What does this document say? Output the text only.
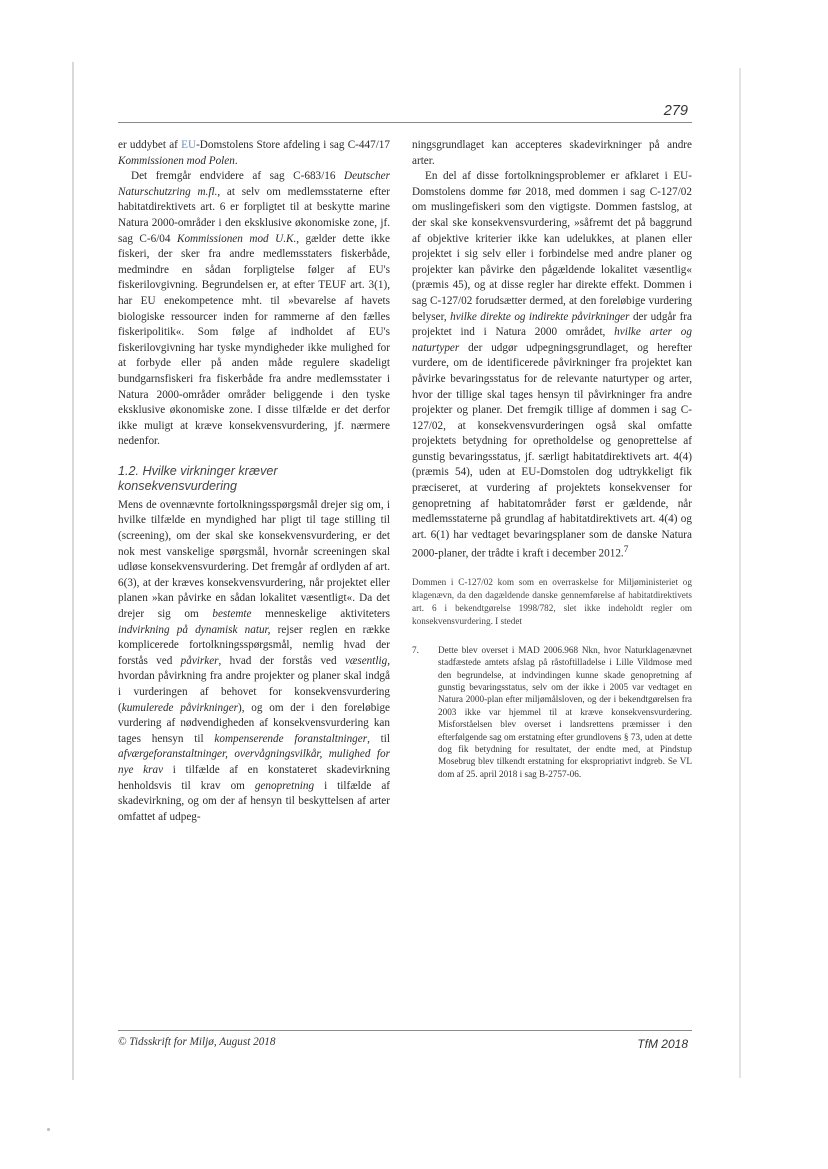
279

er uddybet af EU-Domstolens Store afdeling i sag C-447/17 Kommissionen mod Polen.

Det fremgår endvidere af sag C-683/16 Deutscher Naturschutzring m.fl., at selv om medlemsstaterne efter habitatdirektivets art. 6 er forpligtet til at beskytte marine Natura 2000-områder i den eksklusive økonomiske zone, jf. sag C-6/04 Kommissionen mod U.K., gælder dette ikke fiskeri, der sker fra andre medlemsstaters fiskerbåde, medmindre en sådan forpligtelse følger af EU's fiskerilovgivning. Begrundelsen er, at efter TEUF art. 3(1), har EU enekompetence mht. til »bevarelse af havets biologiske ressourcer inden for rammerne af den fælles fiskeripolitik«. Som følge af indholdet af EU's fiskerilovgivning har tyske myndigheder ikke mulighed for at forbyde eller på anden måde regulere skadeligt bundgarnsfiskeri fra fiskerbåde fra andre medlemsstater i Natura 2000-områder områder beliggende i den tyske eksklusive økonomiske zone. I disse tilfælde er det derfor ikke muligt at kræve konsekvensvurdering, jf. nærmere nedenfor.

1.2. Hvilke virkninger kræver konsekvensvurdering

Mens de ovennævnte fortolkningsspørgsmål drejer sig om, i hvilke tilfælde en myndighed har pligt til tage stilling til (screening), om der skal ske konsekvensvurdering, er det nok mest vanskelige spørgsmål, hvornår screeningen skal udløse konsekvensvurdering. Det fremgår af ordlyden af art. 6(3), at der kræves konsekvensvurdering, når projektet eller planen »kan påvirke en sådan lokalitet væsentligt«. Da det drejer sig om bestemte menneskelige aktiviteters indvirkning på dynamisk natur, rejser reglen en række komplicerede fortolkningsspørgsmål, nemlig hvad der forstås ved påvirker, hvad der forstås ved væsentlig, hvordan påvirkning fra andre projekter og planer skal indgå i vurderingen af behovet for konsekvensvurdering (kumulerede påvirkninger), og om der i den foreløbige vurdering af nødvendigheden af konsekvensvurdering kan tages hensyn til kompenserende foranstaltninger, til afværgeforanstaltninger, overvågningsvilkår, mulighed for nye krav i tilfælde af en konstateret skadevirkning henholdsvis til krav om genopretning i tilfælde af skadevirkning, og om der af hensyn til beskyttelsen af arter omfattet af udpeg-

ningsgrundlaget kan accepteres skadevirkninger på andre arter.

En del af disse fortolkningsproblemer er afklaret i EU-Domstolens domme før 2018, med dommen i sag C-127/02 om muslingefiskeri som den vigtigste. Dommen fastslog, at der skal ske konsekvensvurdering, »såfremt det på baggrund af objektive kriterier ikke kan udelukkes, at planen eller projektet i sig selv eller i forbindelse med andre planer og projekter kan påvirke den pågældende lokalitet væsentlig« (præmis 45), og at disse regler har direkte effekt. Dommen i sag C-127/02 forudsætter dermed, at den foreløbige vurdering belyser, hvilke direkte og indirekte påvirkninger der udgår fra projektet ind i Natura 2000 området, hvilke arter og naturtyper der udgør udpegningsgrundlaget, og herefter vurdere, om de identificerede påvirkninger fra projektet kan påvirke bevaringsstatus for de relevante naturtyper og arter, hvor der tillige skal tages hensyn til påvirkninger fra andre projekter og planer. Det fremgik tillige af dommen i sag C-127/02, at konsekvensvurderingen også skal omfatte projektets betydning for opretholdelse og genoprettelse af gunstig bevaringsstatus, jf. særligt habitatdirektivets art. 4(4) (præmis 54), uden at EU-Domstolen dog udtrykkeligt fik præciseret, at vurdering af projektets konsekvenser for genopretning af habitatområder først er gældende, når medlemsstaterne på grundlag af habitatdirektivets art. 4(4) og art. 6(1) har vedtaget bevaringsplaner som de danske Natura 2000-planer, der trådte i kraft i december 2012.$^7$

Dommen i C-127/02 kom som en overraskelse for Miljøministeriet og klagenævn, da den dagældende danske gennemførelse af habitatdirektivets art. 6 i bekendtgørelse 1998/782, slet ikke indeholdt regler om konsekvensvurdering. I stedet
7.	Dette blev overset i MAD 2006.968 Nkn, hvor Naturklagenævnet stadfæstede amtets afslag på råstoftilladelse i Lille Vildmose med den begrundelse, at indvindingen kunne skade genopretning af gunstig bevaringsstatus, selv om der ikke i 2005 var vedtaget en Natura 2000-plan efter miljømålsloven, og der i bekendtgørelsen fra 2003 ikke var hjemmel til at kræve konsekvensvurdering. Misforståelsen blev overset i landsrettens præmisser i den efterfølgende sag om erstatning efter grundlovens § 73, uden at dette dog fik betydning for resultatet, der endte med, at Pindstup Mosebrug blev tilkendt erstatning for ekspropriativt indgreb. Se VL dom af 25. april 2018 i sag B-2757-06.
© Tidsskrift for Miljø, August 2018	TfM 2018
